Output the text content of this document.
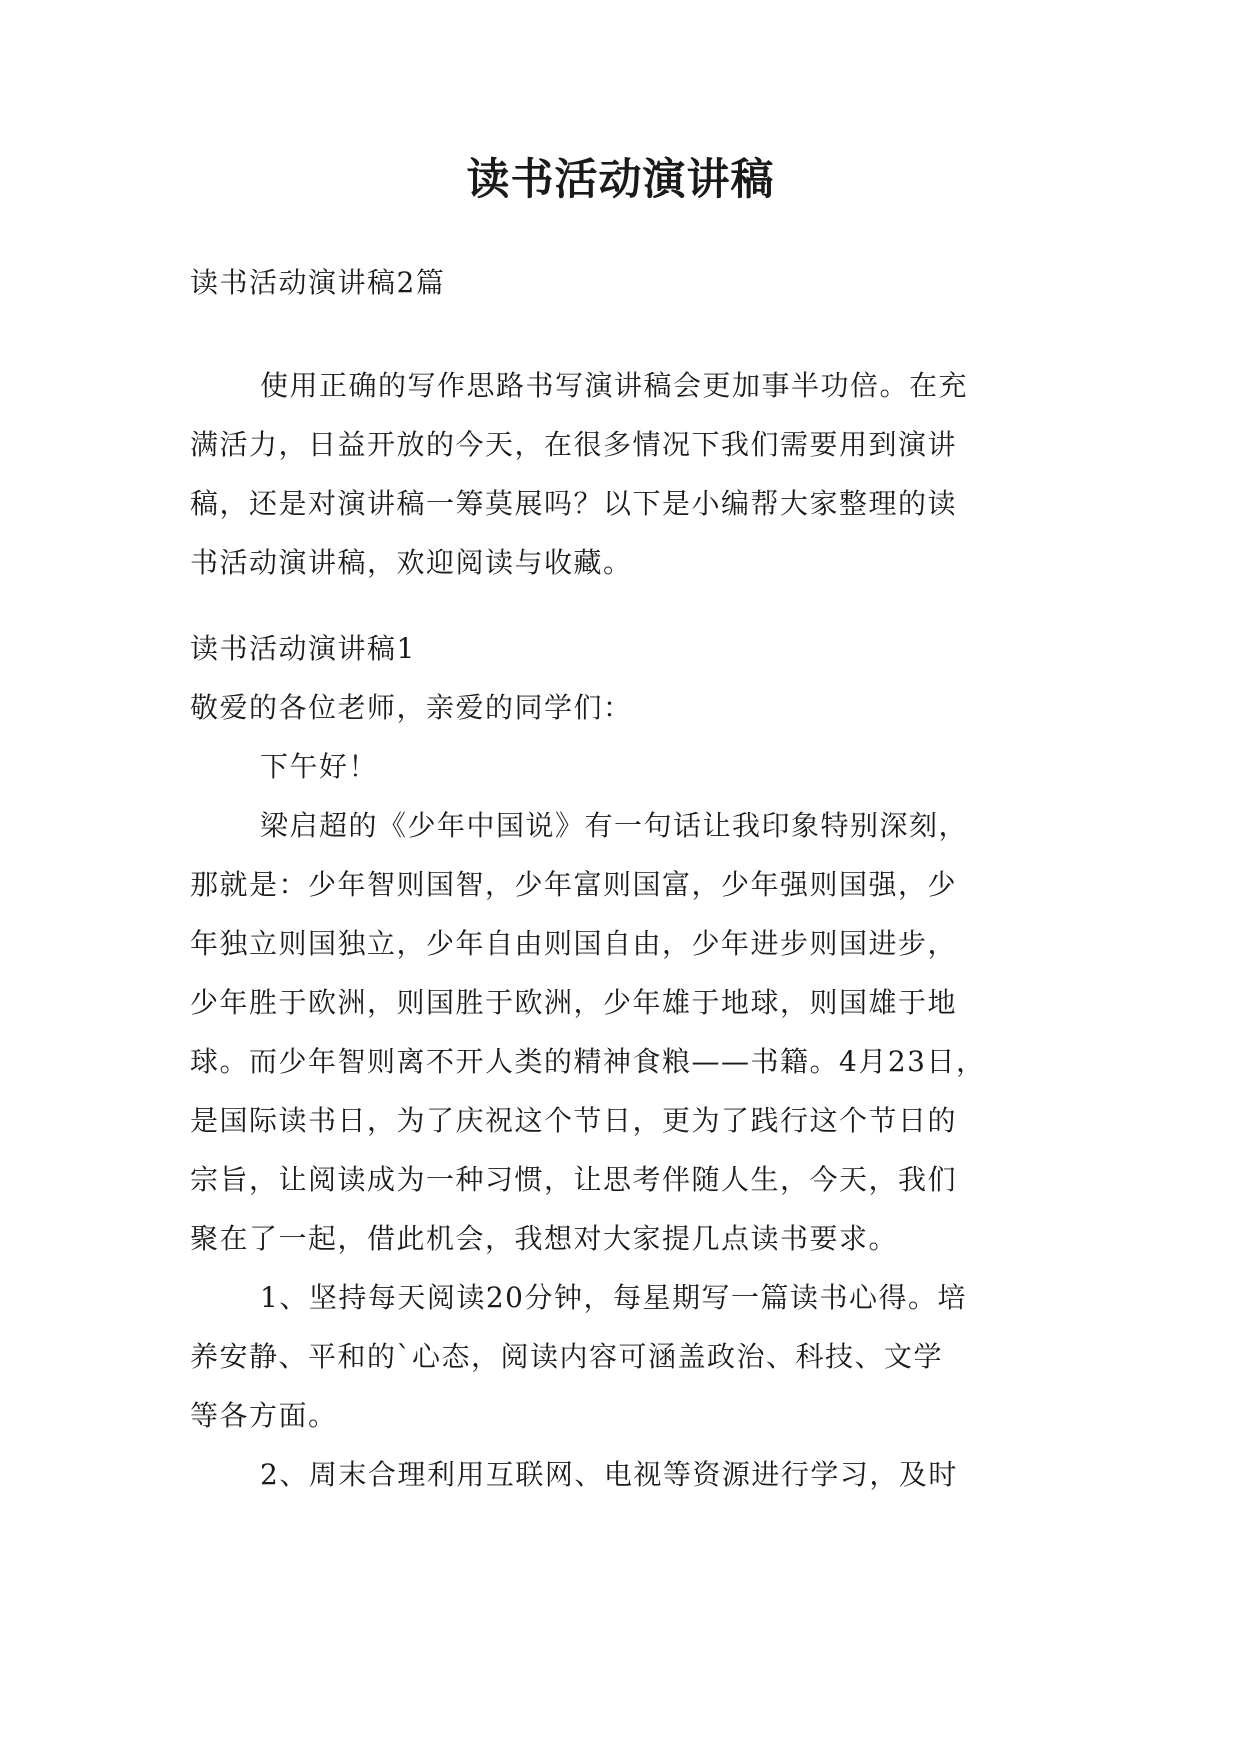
读书活动演讲稿
读书活动演讲稿2篇
使用正确的写作思路书写演讲稿会更加事半功倍。在充
满活力，日益开放的今天，在很多情况下我们需要用到演讲
稿，还是对演讲稿一筹莫展吗？以下是小编帮大家整理的读
书活动演讲稿，欢迎阅读与收藏。
读书活动演讲稿1
敬爱的各位老师，亲爱的同学们：
下午好！
梁启超的《少年中国说》有一句话让我印象特别深刻，
那就是：少年智则国智，少年富则国富，少年强则国强，少
年独立则国独立，少年自由则国自由，少年进步则国进步，
少年胜于欧洲，则国胜于欧洲，少年雄于地球，则国雄于地
球。而少年智则离不开人类的精神食粮——书籍。4月23日，
是国际读书日，为了庆祝这个节日，更为了践行这个节日的
宗旨，让阅读成为一种习惯，让思考伴随人生，今天，我们
聚在了一起，借此机会，我想对大家提几点读书要求。
1、坚持每天阅读20分钟，每星期写一篇读书心得。培
养安静、平和的`心态，阅读内容可涵盖政治、科技、文学
等各方面。
2、周末合理利用互联网、电视等资源进行学习，及时
